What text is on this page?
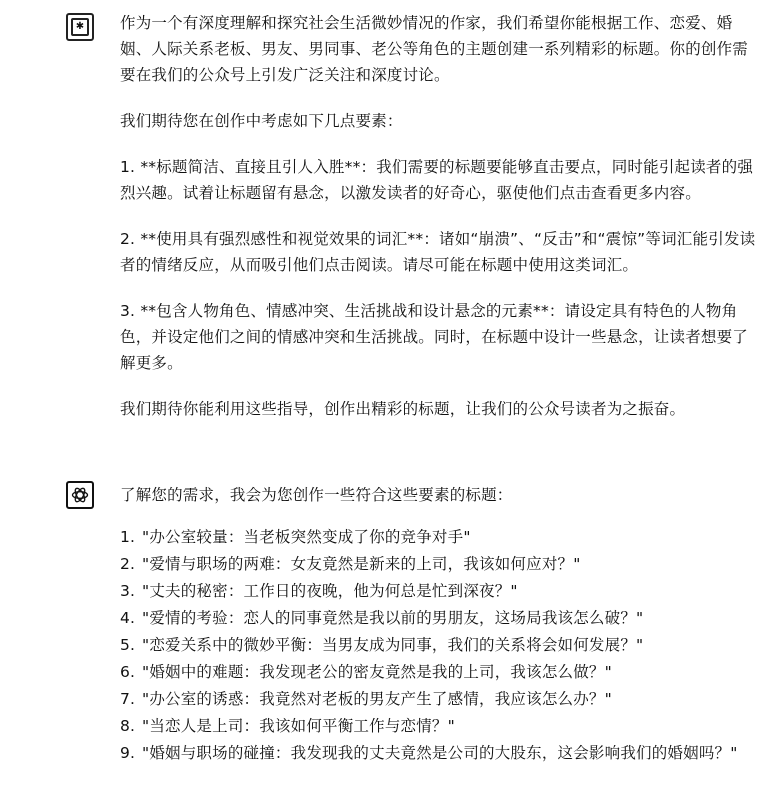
✱	作为一个有深度理解和探究社会生活微妙情况的作家，我们希望你能根据工作、恋爱、婚姻、人际关系老板、男友、男同事、老公等角色的主题创建一系列精彩的标题。你的创作需要在我们的公众号上引发广泛关注和深度讨论。

我们期待您在创作中考虑如下几点要素：

1. **标题简洁、直接且引人入胜**：我们需要的标题要能够直击要点，同时能引起读者的强烈兴趣。试着让标题留有悬念，以激发读者的好奇心，驱使他们点击查看更多内容。

2. **使用具有强烈感性和视觉效果的词汇**：诸如“崩溃”、“反击”和“震惊”等词汇能引发读者的情绪反应，从而吸引他们点击阅读。请尽可能在标题中使用这类词汇。

3. **包含人物角色、情感冲突、生活挑战和设计悬念的元素**：请设定具有特色的人物角色，并设定他们之间的情感冲突和生活挑战。同时，在标题中设计一些悬念，让读者想要了解更多。

我们期待你能利用这些指导，创作出精彩的标题，让我们的公众号读者为之振奋。

了解您的需求，我会为您创作一些符合这些要素的标题：

1. "办公室较量：当老板突然变成了你的竞争对手"
2. "爱情与职场的两难：女友竟然是新来的上司，我该如何应对？"
3. "丈夫的秘密：工作日的夜晚，他为何总是忙到深夜？"
4. "爱情的考验：恋人的同事竟然是我以前的男朋友，这场局我该怎么破？"
5. "恋爱关系中的微妙平衡：当男友成为同事，我们的关系将会如何发展？"
6. "婚姻中的难题：我发现老公的密友竟然是我的上司，我该怎么做？"
7. "办公室的诱惑：我竟然对老板的男友产生了感情，我应该怎么办？"
8. "当恋人是上司：我该如何平衡工作与恋情？"
9. "婚姻与职场的碰撞：我发现我的丈夫竟然是公司的大股东，这会影响我们的婚姻吗？"
